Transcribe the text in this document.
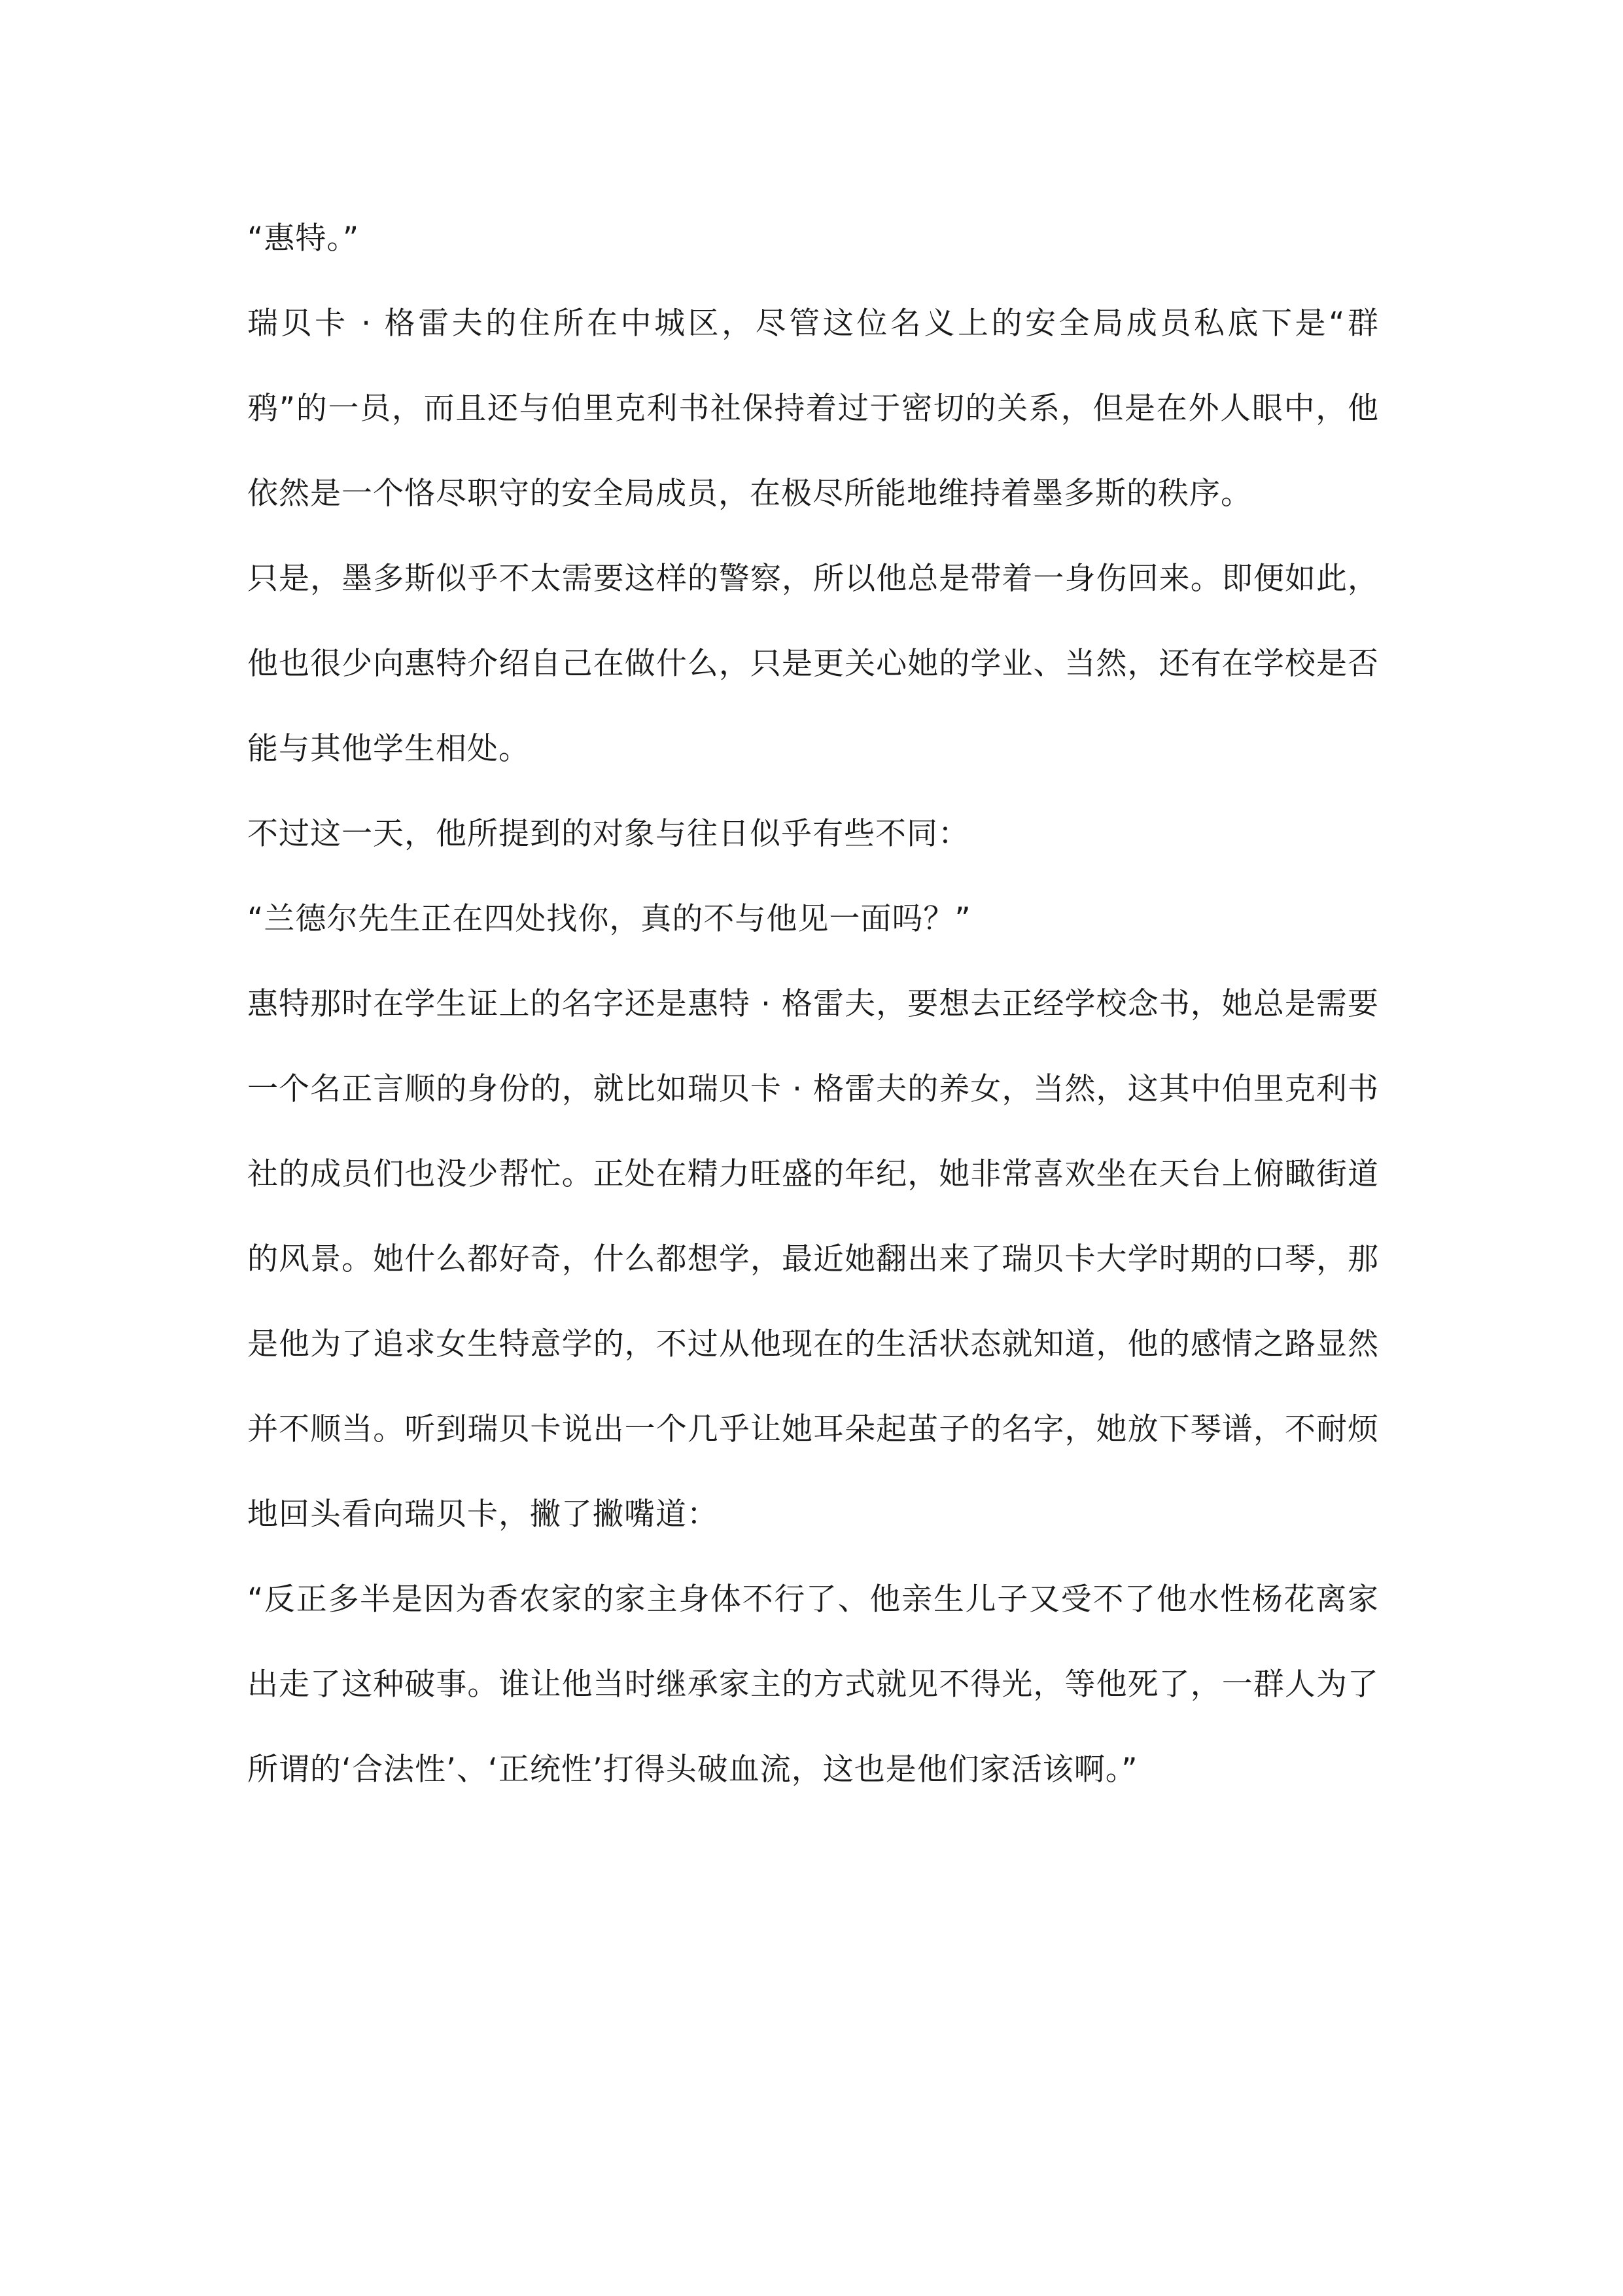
“惠特。”

瑞贝卡 · 格雷夫的住所在中城区，尽管这位名义上的安全局成员私底下是“群鸦”的一员，而且还与伯里克利书社保持着过于密切的关系，但是在外人眼中，他依然是一个恪尽职守的安全局成员，在极尽所能地维持着墨多斯的秩序。

只是，墨多斯似乎不太需要这样的警察，所以他总是带着一身伤回来。即便如此，他也很少向惠特介绍自己在做什么，只是更关心她的学业、当然，还有在学校是否能与其他学生相处。

不过这一天，他所提到的对象与往日似乎有些不同：

“兰德尔先生正在四处找你，真的不与他见一面吗？”

惠特那时在学生证上的名字还是惠特 · 格雷夫，要想去正经学校念书，她总是需要一个名正言顺的身份的，就比如瑞贝卡 · 格雷夫的养女，当然，这其中伯里克利书社的成员们也没少帮忙。正处在精力旺盛的年纪，她非常喜欢坐在天台上俯瞰街道的风景。她什么都好奇，什么都想学，最近她翻出来了瑞贝卡大学时期的口琴，那是他为了追求女生特意学的，不过从他现在的生活状态就知道，他的感情之路显然并不顺当。听到瑞贝卡说出一个几乎让她耳朵起茧子的名字，她放下琴谱，不耐烦地回头看向瑞贝卡，撇了撇嘴道：

“反正多半是因为香农家的家主身体不行了、他亲生儿子又受不了他水性杨花离家出走了这种破事。谁让他当时继承家主的方式就见不得光，等他死了，一群人为了所谓的‘合法性’、‘正统性’打得头破血流，这也是他们家活该啊。”
